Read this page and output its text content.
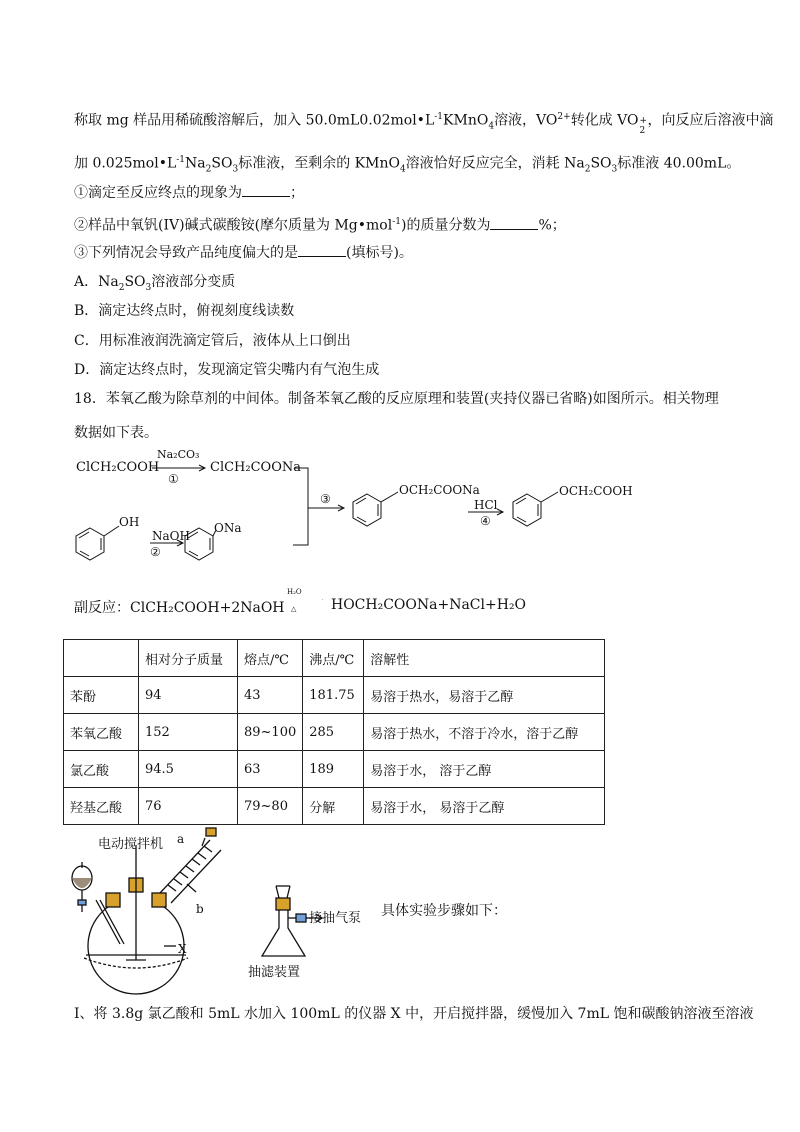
称取 mg 样品用稀硫酸溶解后，加入 $50.0mL0.02mol•L^{-1}KMnO_4$溶液，$VO^{2+}$转化成 VO +
2
，向反应后溶液中滴
加 $0.025mol•L^{-1}Na_2SO_3$标准液，至剩余的 KMnO$_4$溶液恰好反应完全，消耗 $Na_2SO_3$标准液 40.00mL。
①滴定至反应终点的现象为	；
②样品中氧钒(IV)碱式碳酸铵(摩尔质量为 Mg•mol$^{-1}$)的质量分数为	%；
③下列情况会导致产品纯度偏大的是	(填标号)。
A．$Na_2SO_3$溶液部分变质
B．滴定达终点时，俯视刻度线读数
C．用标准液润洗滴定管后，液体从上口倒出
D．滴定达终点时，发现滴定管尖嘴内有气泡生成
18．苯氧乙酸为除草剂的中间体。制备苯氧乙酸的反应原理和装置(夹持仪器已省略)如图所示。相关物理
数据如下表。
ClCH₂COOH
Na₂CO₃
①
ClCH₂COONa
OH
NaOH
②
ONa
③
OCH₂COONa
HCl
④
OCH₂COOH
副反应：ClCH₂COOH+2NaOH
H₂O
△ HOCH₂COONa+NaCl+H₂O
	相对分子质量	熔点/℃	沸点/℃	溶解性
苯酚	94	43	181.75	易溶于热水，易溶于乙醇
苯氧乙酸	152	89~100	285	易溶于热水，不溶于冷水，溶于乙醇
氯乙酸	94.5	63	189	易溶于水， 溶于乙醇
羟基乙酸	76	79~80	分解	易溶于水， 易溶于乙醇
电动搅拌机 a
b
X
接抽气泵
抽滤装置
具体实验步骤如下：
Ⅰ、将 3.8g 氯乙酸和 5mL 水加入 100mL 的仪器 X 中，开启搅拌器，缓慢加入 7mL 饱和碳酸钠溶液至溶液
